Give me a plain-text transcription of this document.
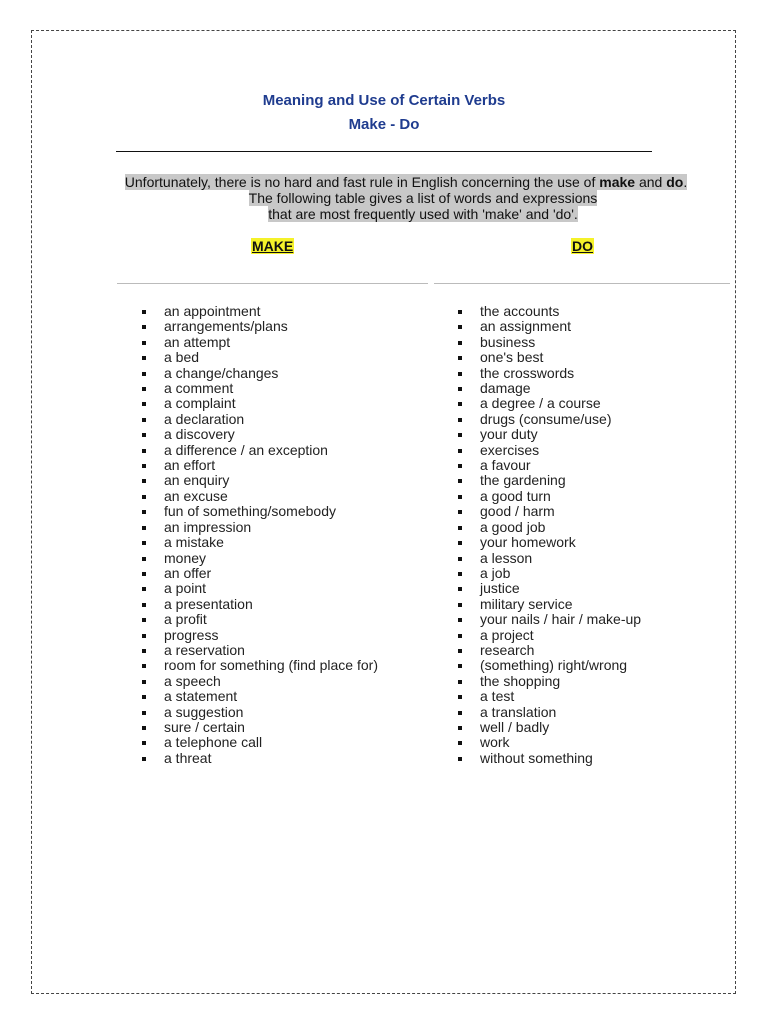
Meaning and Use of Certain Verbs
Make - Do
Unfortunately, there is no hard and fast rule in English concerning the use of make and do.
The following table gives a list of words and expressions
that are most frequently used with 'make' and 'do'.
MAKE	DO
an appointment
arrangements/plans
an attempt
a bed
a change/changes
a comment
a complaint
a declaration
a discovery
a difference / an exception
an effort
an enquiry
an excuse
fun of something/somebody
an impression
a mistake
money
an offer
a point
a presentation
a profit
progress
a reservation
room for something (find place for)
a speech
a statement
a suggestion
sure / certain
a telephone call
a threat
the accounts
an assignment
business
one's best
the crosswords
damage
a degree / a course
drugs (consume/use)
your duty
exercises
a favour
the gardening
a good turn
good / harm
a good job
your homework
a lesson
a job
justice
military service
your nails / hair / make-up
a project
research
(something) right/wrong
the shopping
a test
a translation
well / badly
work
without something
